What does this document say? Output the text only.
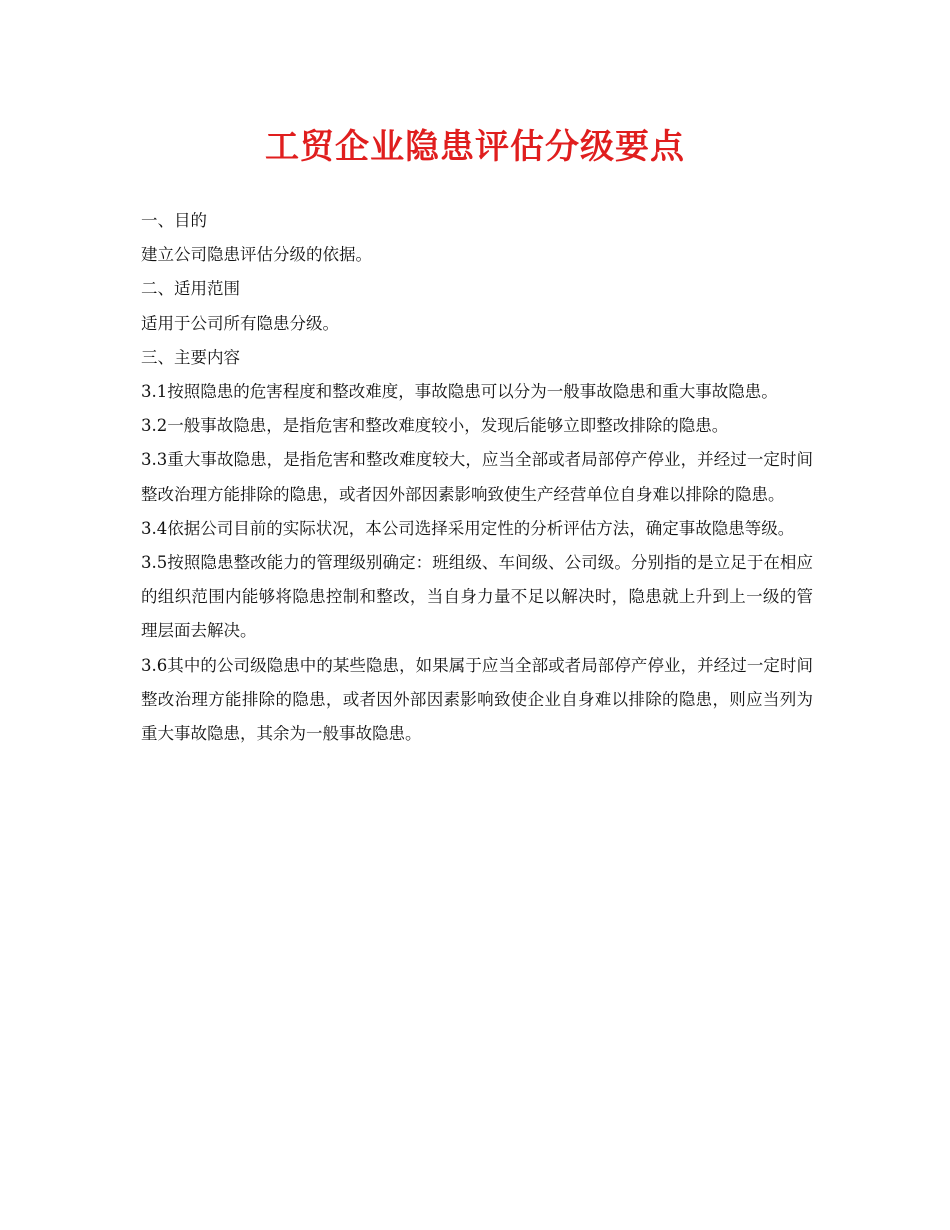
工贸企业隐患评估分级要点

一、目的

建立公司隐患评估分级的依据。

二、适用范围

适用于公司所有隐患分级。

三、主要内容

3.1按照隐患的危害程度和整改难度，事故隐患可以分为一般事故隐患和重大事故隐患。

3.2一般事故隐患，是指危害和整改难度较小，发现后能够立即整改排除的隐患。

3.3重大事故隐患，是指危害和整改难度较大，应当全部或者局部停产停业，并经过一定时间整改治理方能排除的隐患，或者因外部因素影响致使生产经营单位自身难以排除的隐患。

3.4依据公司目前的实际状况，本公司选择采用定性的分析评估方法，确定事故隐患等级。

3.5按照隐患整改能力的管理级别确定：班组级、车间级、公司级。分别指的是立足于在相应的组织范围内能够将隐患控制和整改，当自身力量不足以解决时，隐患就上升到上一级的管理层面去解决。

3.6其中的公司级隐患中的某些隐患，如果属于应当全部或者局部停产停业，并经过一定时间整改治理方能排除的隐患，或者因外部因素影响致使企业自身难以排除的隐患，则应当列为重大事故隐患，其余为一般事故隐患。
